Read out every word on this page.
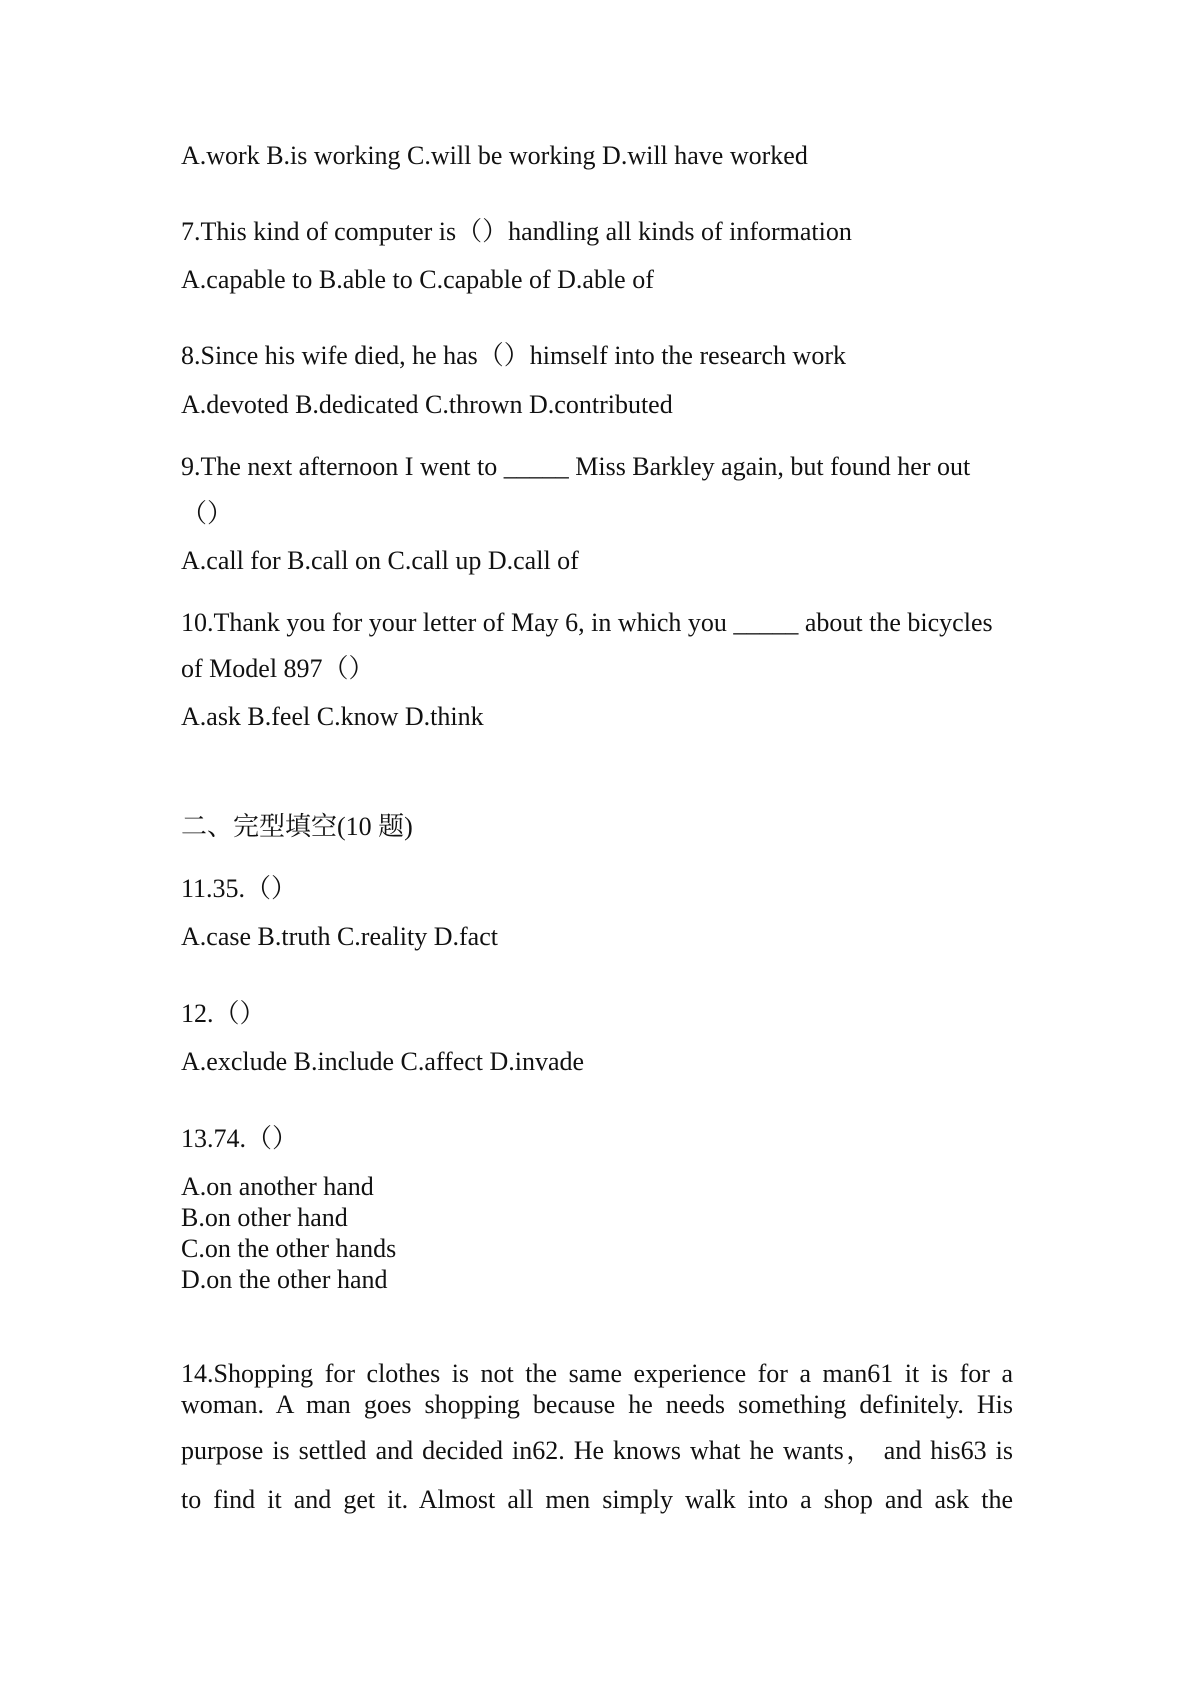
A.work B.is working C.will be working D.will have worked
7.This kind of computer is（）handling all kinds of information
A.capable to B.able to C.capable of D.able of
8.Since his wife died, he has（）himself into the research work
A.devoted B.dedicated C.thrown D.contributed
9.The next afternoon I went to _____ Miss Barkley again, but found her out
（）
A.call for B.call on C.call up D.call of
10.Thank you for your letter of May 6, in which you _____ about the bicycles
of Model 897（）
A.ask B.feel C.know D.think
二、完型填空(10 题)
11.35.（）
A.case B.truth C.reality D.fact
12.（）
A.exclude B.include C.affect D.invade
13.74.（）
A.on another hand
B.on other hand
C.on the other hands
D.on the other hand
14.Shopping for clothes is not the same experience for a man61 it is for a
woman. A man goes shopping because he needs something definitely. His
purpose is settled and decided in62. He knows what he wants， and his63 is
to find it and get it. Almost all men simply walk into a shop and ask the
